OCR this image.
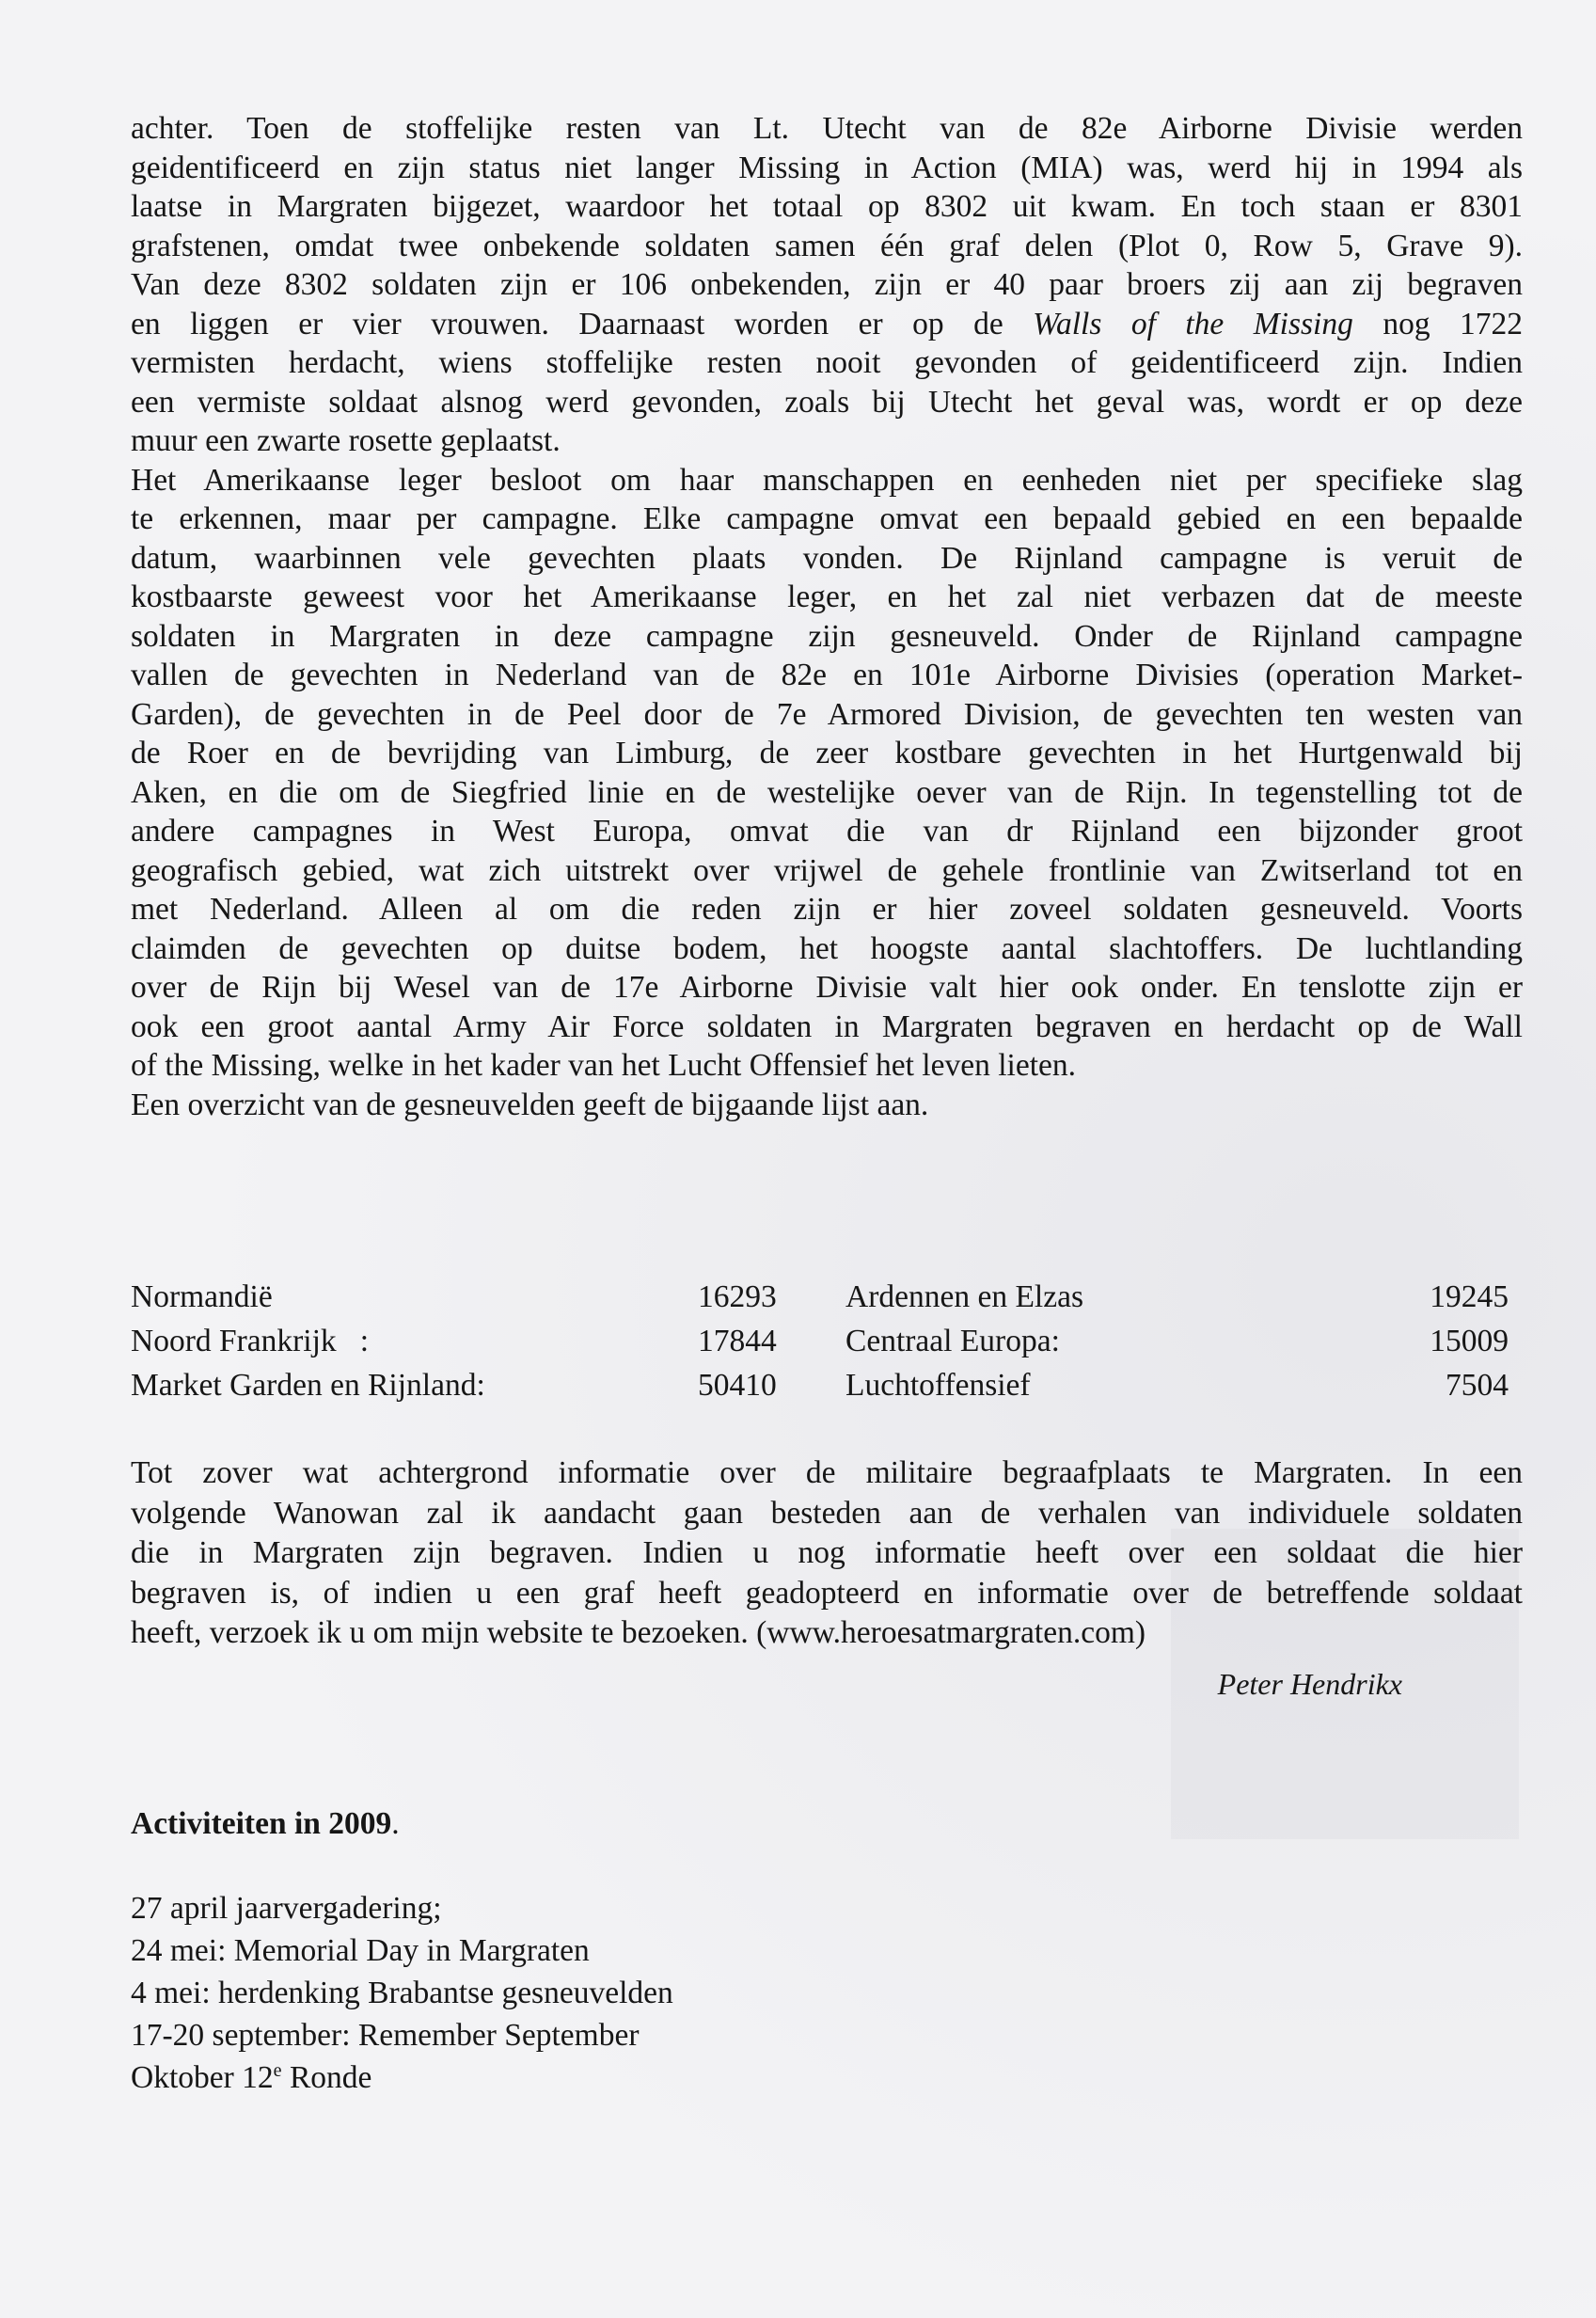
achter. Toen de stoffelijke resten van Lt. Utecht van de 82e Airborne Divisie werden
geidentificeerd en zijn status niet langer Missing in Action (MIA) was, werd hij in 1994 als
laatse in Margraten bijgezet, waardoor het totaal op 8302 uit kwam. En toch staan er 8301
grafstenen, omdat twee onbekende soldaten samen één graf delen (Plot 0, Row 5, Grave 9).
Van deze 8302 soldaten zijn er 106 onbekenden, zijn er 40 paar broers zij aan zij begraven
en liggen er vier vrouwen. Daarnaast worden er op de Walls of the Missing nog 1722
vermisten herdacht, wiens stoffelijke resten nooit gevonden of geidentificeerd zijn. Indien
een vermiste soldaat alsnog werd gevonden, zoals bij Utecht het geval was, wordt er op deze
muur een zwarte rosette geplaatst.

Het Amerikaanse leger besloot om haar manschappen en eenheden niet per specifieke slag
te erkennen, maar per campagne. Elke campagne omvat een bepaald gebied en een bepaalde
datum, waarbinnen vele gevechten plaats vonden. De Rijnland campagne is veruit de
kostbaarste geweest voor het Amerikaanse leger, en het zal niet verbazen dat de meeste
soldaten in Margraten in deze campagne zijn gesneuveld. Onder de Rijnland campagne
vallen de gevechten in Nederland van de 82e en 101e Airborne Divisies (operation Market-
Garden), de gevechten in de Peel door de 7e Armored Division, de gevechten ten westen van
de Roer en de bevrijding van Limburg, de zeer kostbare gevechten in het Hurtgenwald bij
Aken, en die om de Siegfried linie en de westelijke oever van de Rijn. In tegenstelling tot de
andere campagnes in West Europa, omvat die van dr Rijnland een bijzonder groot
geografisch gebied, wat zich uitstrekt over vrijwel de gehele frontlinie van Zwitserland tot en
met Nederland. Alleen al om die reden zijn er hier zoveel soldaten gesneuveld. Voorts
claimden de gevechten op duitse bodem, het hoogste aantal slachtoffers. De luchtlanding
over de Rijn bij Wesel van de 17e Airborne Divisie valt hier ook onder. En tenslotte zijn er
ook een groot aantal Army Air Force soldaten in Margraten begraven en herdacht op de Wall
of the Missing, welke in het kader van het Lucht Offensief het leven lieten.
Een overzicht van de gesneuvelden geeft de bijgaande lijst aan.

Normandië	16293 Ardennen en Elzas	19245
Noord Frankrijk   :	17844 Centraal Europa:	15009
Market Garden en Rijnland:	50410 Luchtoffensief	7504

Tot zover wat achtergrond informatie over de militaire begraafplaats te Margraten. In een
volgende Wanowan zal ik aandacht gaan besteden aan de verhalen van individuele soldaten
die in Margraten zijn begraven. Indien u nog informatie heeft over een soldaat die hier
begraven is, of indien u een graf heeft geadopteerd en informatie over de betreffende soldaat
heeft, verzoek ik u om mijn website te bezoeken. (www.heroesatmargraten.com)

Peter Hendrikx
Activiteiten in 2009.
27 april jaarvergadering;
24 mei: Memorial Day in Margraten
4 mei: herdenking Brabantse gesneuvelden
17-20 september: Remember September
Oktober 12e Ronde
